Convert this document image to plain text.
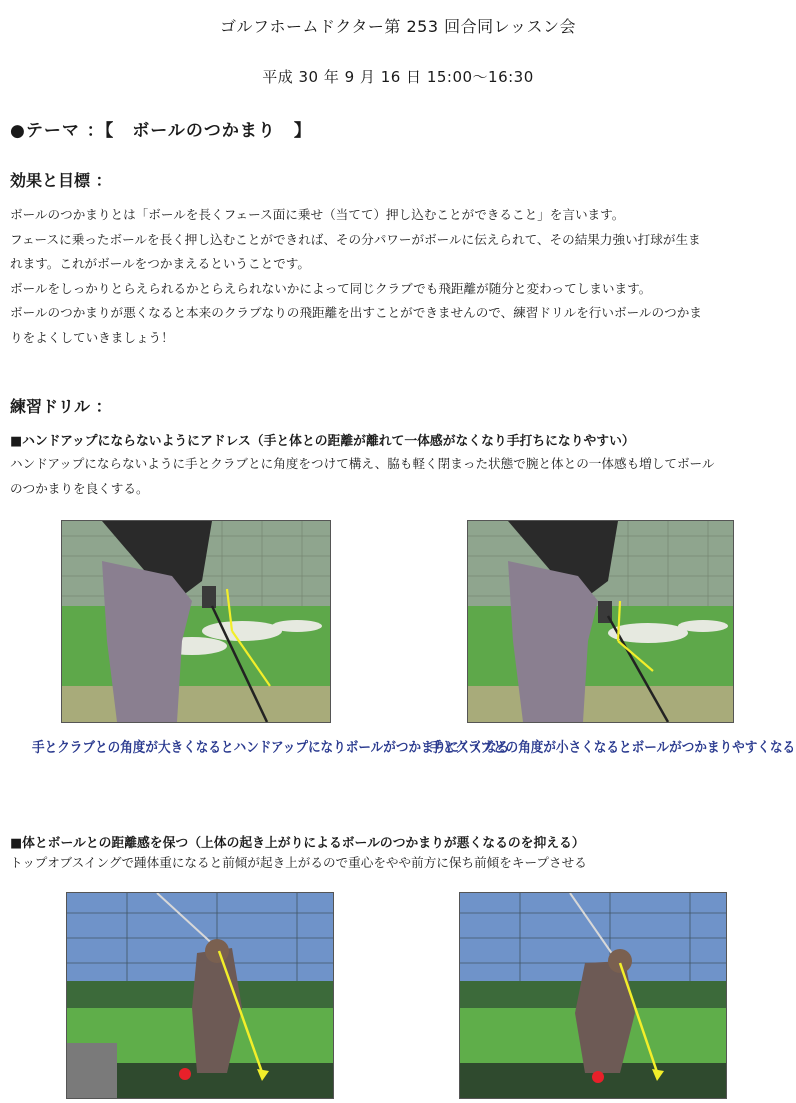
ゴルフホームドクター第 253 回合同レッスン会
平成 30 年 9 月 16 日 15:00～16:30
●テーマ ：【　ボールのつかまり　】
効果と目標 ：

ボールのつかまりとは「ボールを長くフェース面に乗せ（当てて）押し込むことができること」を言います。

フェースに乗ったボールを長く押し込むことができれば、その分パワーがボールに伝えられて、その結果力強い打球が生ま

れます。これがボールをつかまえるということです。

ボールをしっかりとらえられるかとらえられないかによって同じクラブでも飛距離が随分と変わってしまいます。

ボールのつかまりが悪くなると本来のクラブなりの飛距離を出すことができませんので、練習ドリルを行いボールのつかま

りをよくしていきましょう！

練習ドリル ：
■ハンドアップにならないようにアドレス（手と体との距離が離れて一体感がなくなり手打ちになりやすい）

ハンドアップにならないように手とクラブとに角度をつけて構え、脇も軽く閉まった状態で腕と体との一体感も増してボール

のつかまりを良くする。

手とクラブとの角度が大きくなるとハンドアップになりボールがつかまりにくくなる
手とクラブとの角度が小さくなるとボールがつかまりやすくなる
■体とボールとの距離感を保つ（上体の起き上がりによるボールのつかまりが悪くなるのを抑える）

トップオブスイングで踵体重になると前傾が起き上がるので重心をやや前方に保ち前傾をキープさせる
